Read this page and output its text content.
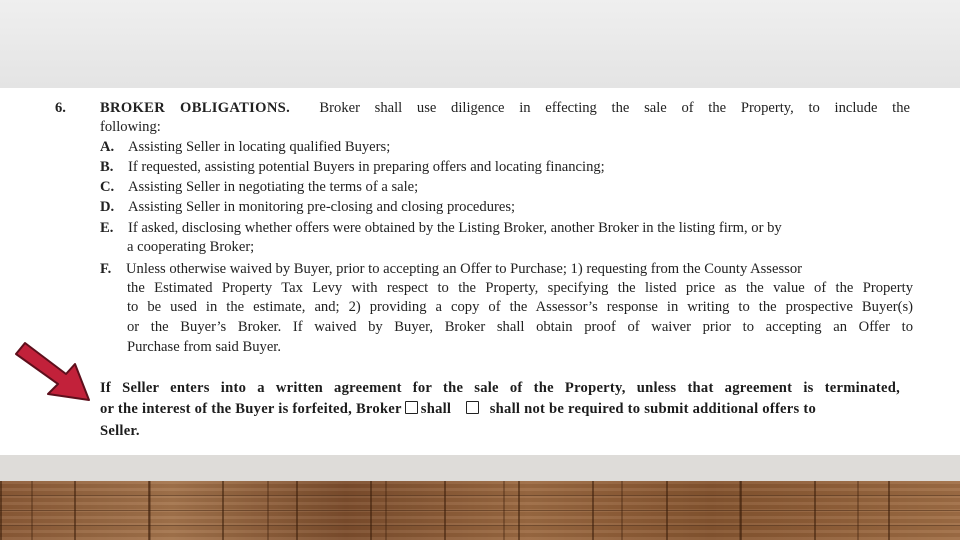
6. BROKER OBLIGATIONS. Broker shall use diligence in effecting the sale of the Property, to include the
following:
A. Assisting Seller in locating qualified Buyers;
B. If requested, assisting potential Buyers in preparing offers and locating financing;
C. Assisting Seller in negotiating the terms of a sale;
D. Assisting Seller in monitoring pre-closing and closing procedures;
E. If asked, disclosing whether offers were obtained by the Listing Broker, another Broker in the listing firm, or by
a cooperating Broker;
F. Unless otherwise waived by Buyer, prior to accepting an Offer to Purchase; 1) requesting from the County Assessor
the Estimated Property Tax Levy with respect to the Property, specifying the listed price as the value of the Property
to be used in the estimate, and; 2) providing a copy of the Assessor’s response in writing to the prospective Buyer(s)
or the Buyer’s Broker. If waived by Buyer, Broker shall obtain proof of waiver prior to accepting an Offer to
Purchase from said Buyer.
If Seller enters into a written agreement for the sale of the Property, unless that agreement is terminated,
or the interest of the Buyer is forfeited, Broker shall	shall not be required to submit additional offers to
Seller.
